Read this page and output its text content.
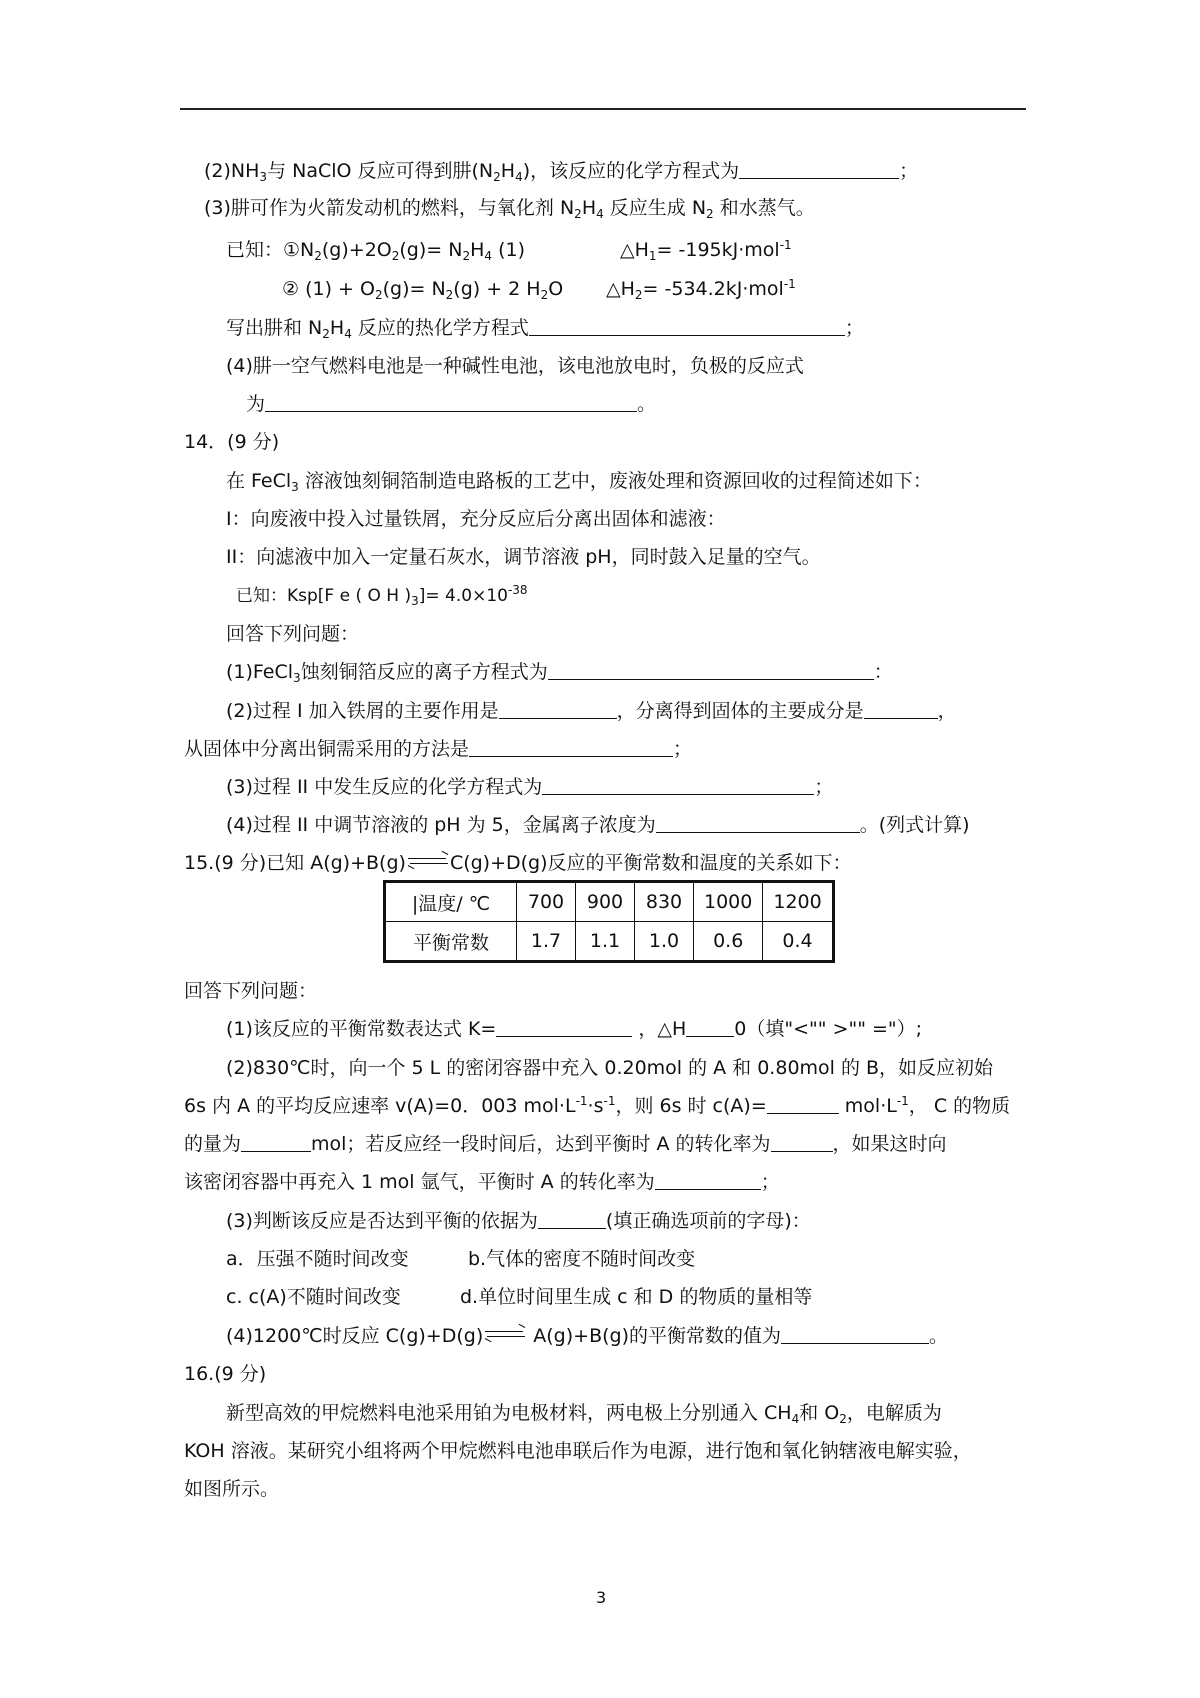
$(2)NH_3$与 NaClO 反应可得到肼$(N_2H_4)$，该反应的化学方程式为	；
(3)肼可作为火箭发动机的燃料，与氧化剂 $N_2H_4$ 反应生成 $N_2$ 和水蒸气。
已知：$①N_2(g)+2O_2(g)= N_2H_4$ (1)	$\triangle H_1= -195kJ\cdot mol^{-1}$
② $(1) + O_2(g)= N_2(g) + 2$ $H_2O$ $\triangle H_2= -534.2kJ\cdot mol^{-1}$
写出肼和 $N_2H_4$ 反应的热化学方程式	；
(4)肼一空气燃料电池是一种碱性电池，该电池放电时，负极的反应式
为	。
14．(9 分)
在 FeCl$_3$ 溶液蚀刻铜箔制造电路板的工艺中，废液处理和资源回收的过程简述如下：
I：向废液中投入过量铁屑，充分反应后分离出固体和滤液：
II：向滤液中加入一定量石灰水，调节溶液 pH，同时鼓入足量的空气。
已知：Ksp[F e ( O H )$_3]= 4.0\times 10^{-38}$
回答下列问题：
(1)FeCl$_3$蚀刻铜箔反应的离子方程式为	：
(2)过程 I 加入铁屑的主要作用是	，分离得到固体的主要成分是	，
从固体中分离出铜需采用的方法是	；
(3)过程 II 中发生反应的化学方程式为	；
(4)过程 II 中调节溶液的 pH 为 5，金属离子浓度为	。(列式计算)
15.(9 分)已知 A(g)+B(g) C(g)+D(g)反应的平衡常数和温度的关系如下：
|温度/ ℃	700	900	830	1000	1200
平衡常数	1.7	1.1	1.0	0.6	0.4
回答下列问题：
(1)该反应的平衡常数表达式 K=	，△H	0（填"<"" >"" ="）;
(2)830℃时，向一个 5 L 的密闭容器中充入 0.20mol 的 A 和 0.80mol 的 B，如反应初始
6s 内 A 的平均反应速率 v(A)=0．003 $mol\cdot L^{-1}\cdot s^{-1}$，则 6s 时 c(A)=	$mol\cdot L^{-1}$， C 的物质
的量为	mol；若反应经一段时间后，达到平衡时 A 的转化率为	，如果这时向
该密闭容器中再充入 1 mol 氩气，平衡时 A 的转化率为	；
(3)判断该反应是否达到平衡的依据为	(填正确选项前的字母)：
a．压强不随时间改变	b.气体的密度不随时间改变
c. c(A)不随时间改变	d.单位时间里生成 c 和 D 的物质的量相等
(4)1200℃时反应 C(g)+D(g)
A(g)+B(g)的平衡常数的值为	。
16.(9 分)
新型高效的甲烷燃料电池采用铂为电极材料，两电极上分别通入 $CH_4$和 $O_2$，电解质为
KOH 溶液。某研究小组将两个甲烷燃料电池串联后作为电源，进行饱和氧化钠辖液电解实验，
如图所示。
3
